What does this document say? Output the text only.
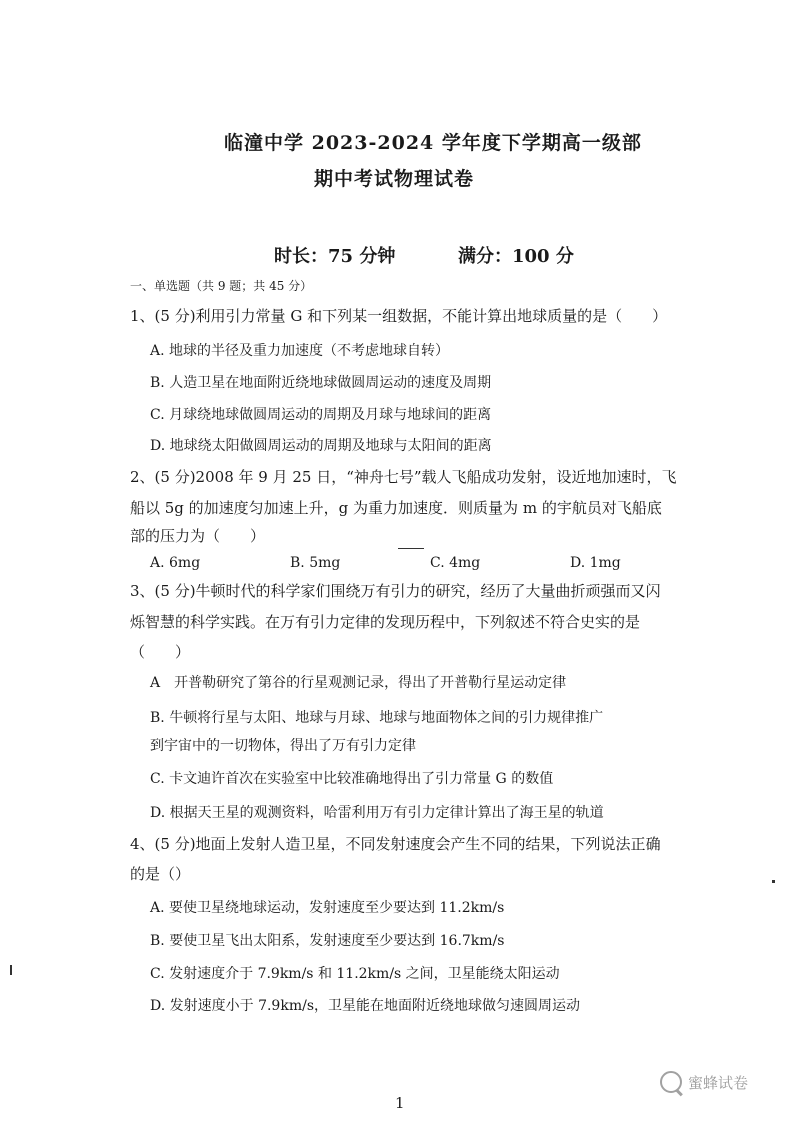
临潼中学 2023-2024 学年度下学期高一级部
期中考试物理试卷
时长：75 分钟	满分：100 分
一、单选题（共 9 题；共 45 分）
1、(5 分)利用引力常量 G 和下列某一组数据，不能计算出地球质量的是（　　）
A. 地球的半径及重力加速度（不考虑地球自转）
B. 人造卫星在地面附近绕地球做圆周运动的速度及周期
C. 月球绕地球做圆周运动的周期及月球与地球间的距离
D. 地球绕太阳做圆周运动的周期及地球与太阳间的距离
2、(5 分)2008 年 9 月 25 日，“神舟七号”载人飞船成功发射，设近地加速时，飞
船以 5g 的加速度匀加速上升，g 为重力加速度．则质量为 m 的宇航员对飞船底
部的压力为（　　）
A. 6mg	B. 5mg	C. 4mg	D. 1mg
3、(5 分)牛顿时代的科学家们围绕万有引力的研究，经历了大量曲折顽强而又闪
烁智慧的科学实践。在万有引力定律的发现历程中，下列叙述不符合史实的是
（　　）
A　开普勒研究了第谷的行星观测记录，得出了开普勒行星运动定律
B. 牛顿将行星与太阳、地球与月球、地球与地面物体之间的引力规律推广
到宇宙中的一切物体，得出了万有引力定律
C. 卡文迪许首次在实验室中比较准确地得出了引力常量 G 的数值
D. 根据天王星的观测资料，哈雷利用万有引力定律计算出了海王星的轨道
4、(5 分)地面上发射人造卫星，不同发射速度会产生不同的结果，下列说法正确
的是（）
A. 要使卫星绕地球运动，发射速度至少要达到 11.2km/s
B. 要使卫星飞出太阳系，发射速度至少要达到 16.7km/s
C. 发射速度介于 7.9km/s 和 11.2km/s 之间，卫星能绕太阳运动
D. 发射速度小于 7.9km/s，卫星能在地面附近绕地球做匀速圆周运动
1
蜜蜂试卷
